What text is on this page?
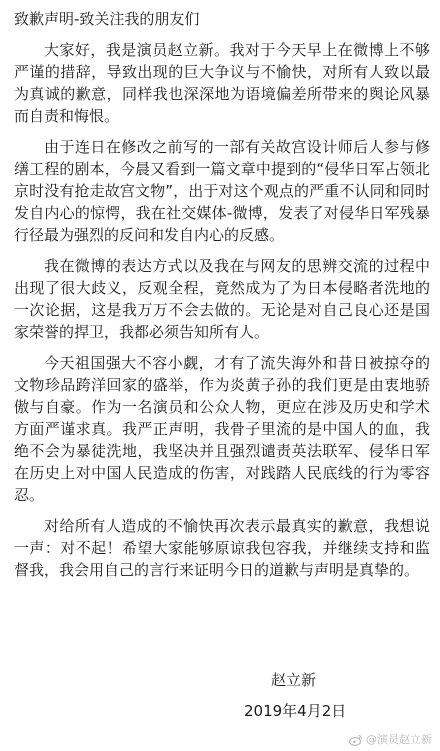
致歉声明-致关注我的朋友们

大家好，我是演员赵立新。我对于今天早上在微博上不够严谨的措辞，导致出现的巨大争议与不愉快，对所有人致以最为真诚的歉意，同样我也深深地为语境偏差所带来的舆论风暴而自责和悔恨。

由于连日在修改之前写的一部有关故宫设计师后人参与修缮工程的剧本，今晨又看到一篇文章中提到的“侵华日军占领北京时没有抢走故宫文物”，出于对这个观点的严重不认同和同时发自内心的惊愕，我在社交媒体-微博，发表了对侵华日军残暴行径最为强烈的反问和发自内心的反感。

我在微博的表达方式以及我在与网友的思辨交流的过程中出现了很大歧义，反观全程，竟然成为了为日本侵略者洗地的一次论据，这是我万万不会去做的。无论是对自己良心还是国家荣誉的捍卫，我都必须告知所有人。

今天祖国强大不容小觑，才有了流失海外和昔日被掠夺的文物珍品跨洋回家的盛举，作为炎黄子孙的我们更是由衷地骄傲与自豪。作为一名演员和公众人物，更应在涉及历史和学术方面严谨求真。我严正声明，我骨子里流的是中国人的血，我绝不会为暴徒洗地，我坚决并且强烈谴责英法联军、侵华日军在历史上对中国人民造成的伤害，对践踏人民底线的行为零容忍。

对给所有人造成的不愉快再次表示最真实的歉意，我想说一声：对不起！希望大家能够原谅我包容我，并继续支持和监督我，我会用自己的言行来证明今日的道歉与声明是真挚的。

赵立新
2019年4月2日
@演员赵立新
